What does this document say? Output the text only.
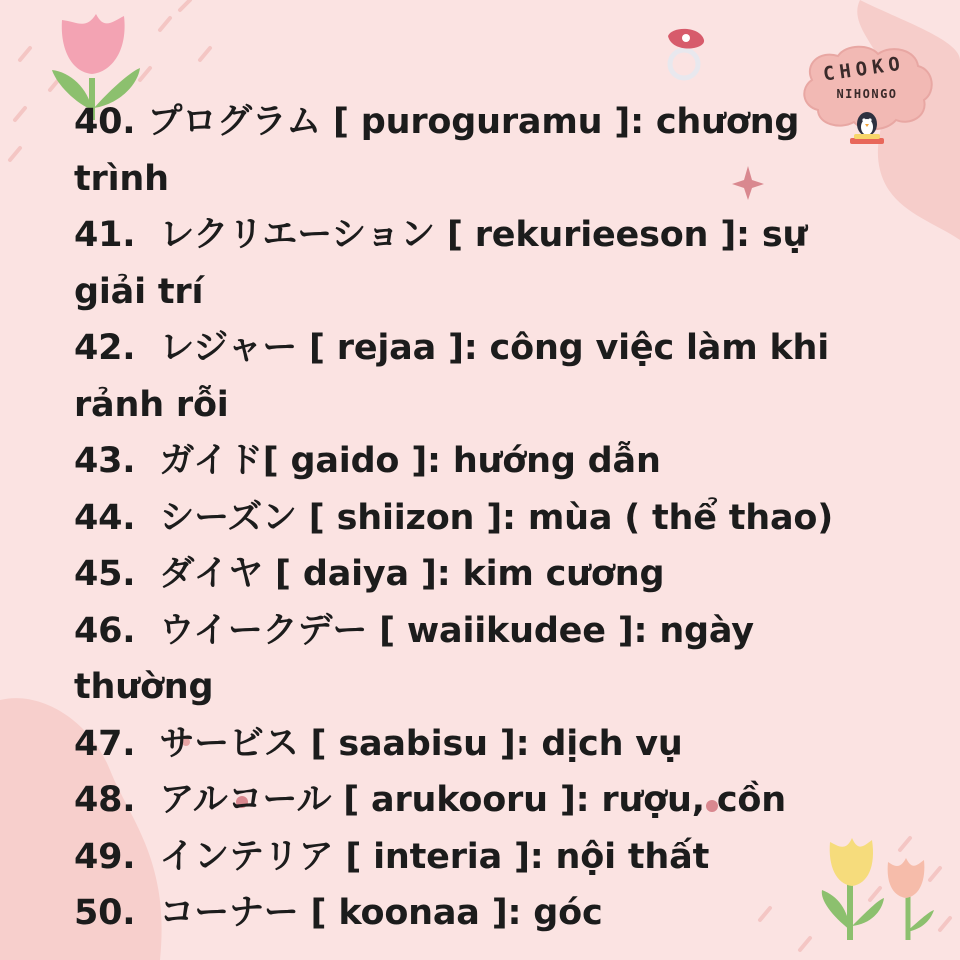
CHOKO
NIHONGO
40. プログラム [ puroguramu ]: chương trình
41.  レクリエーション [ rekurieeson ]: sự giải trí
42.  レジャー [ rejaa ]: công việc làm khi rảnh rỗi
43.  ガイド[ gaido ]: hướng dẫn
44.  シーズン [ shiizon ]: mùa ( thể thao)
45.  ダイヤ [ daiya ]: kim cương
46.  ウイークデー [ waiikudee ]: ngày thường
47.  サービス [ saabisu ]: dịch vụ
48.  アルコール [ arukooru ]: rượu, cồn
49.  インテリア [ interia ]: nội thất
50.  コーナー [ koonaa ]: góc
